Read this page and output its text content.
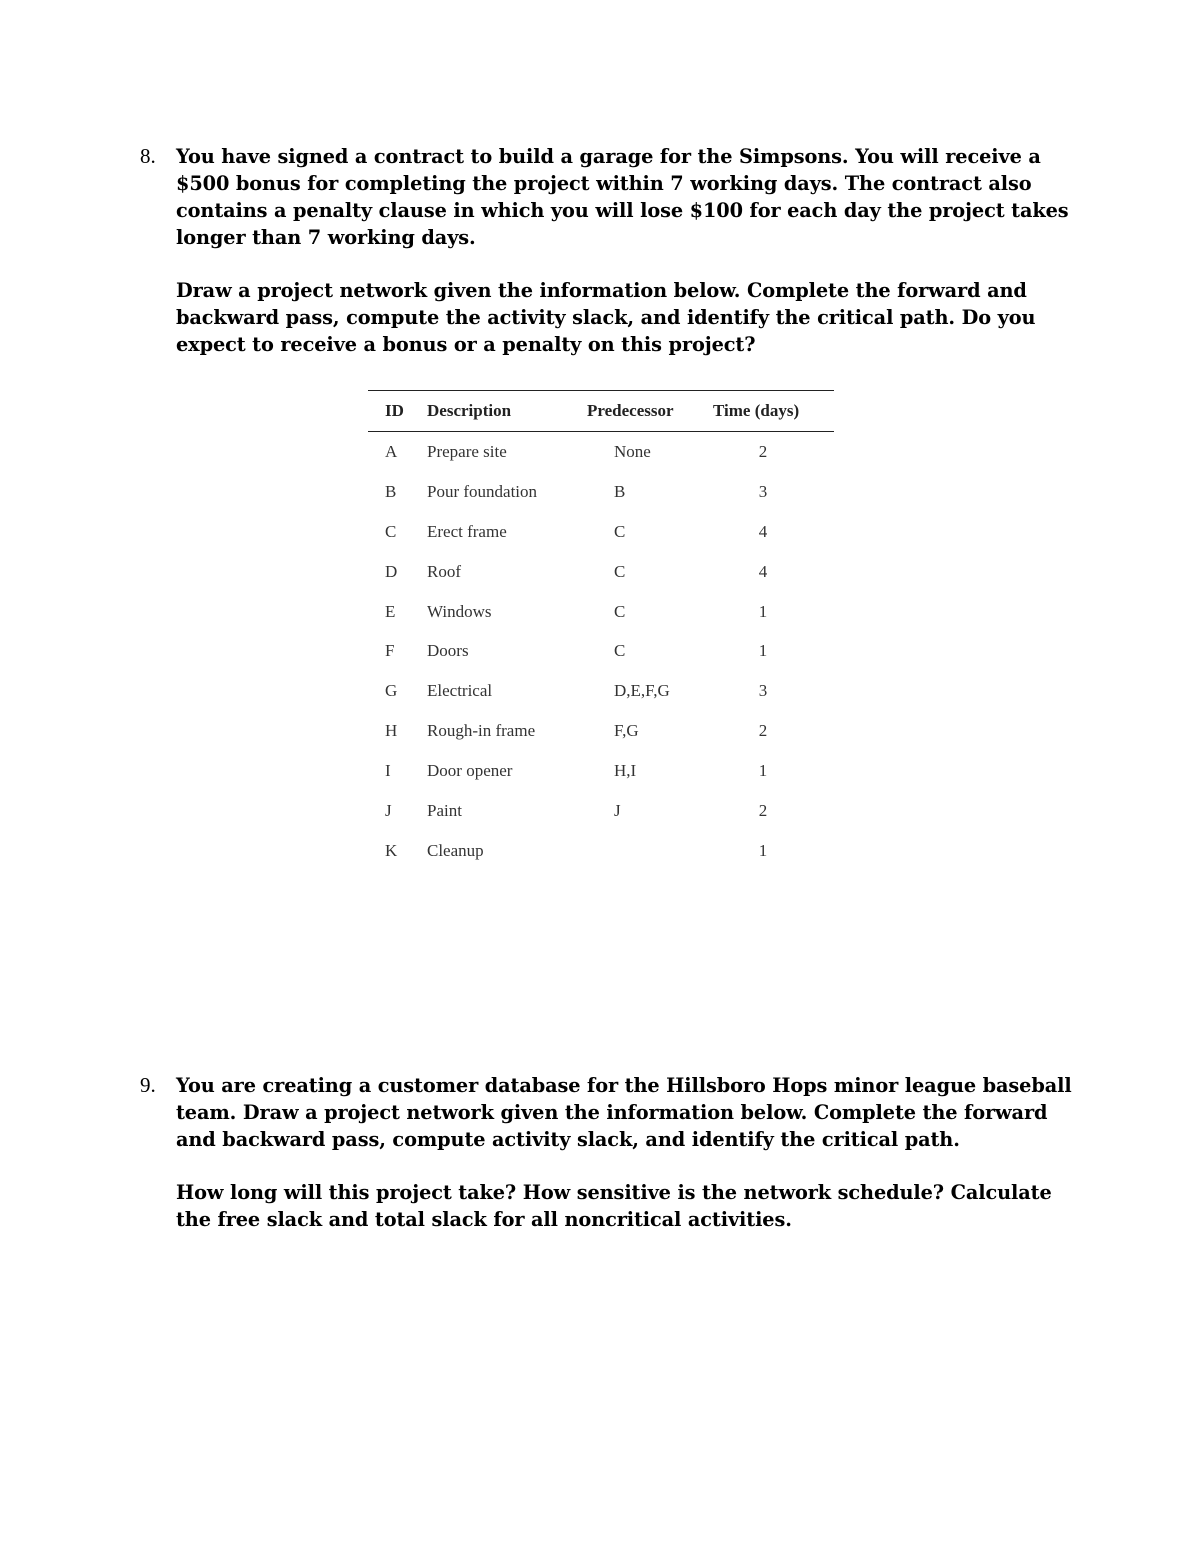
8. You have signed a contract to build a garage for the Simpsons. You will receive a $500 bonus for completing the project within 7 working days. The contract also contains a penalty clause in which you will lose $100 for each day the project takes longer than 7 working days.

Draw a project network given the information below. Complete the forward and backward pass, compute the activity slack, and identify the critical path. Do you expect to receive a bonus or a penalty on this project?

ID	Description	Predecessor	Time (days)
A	Prepare site	None	2
B	Pour foundation	B	3
C	Erect frame	C	4
D	Roof	C	4
E	Windows	C	1
F	Doors	C	1
G	Electrical	D,E,F,G	3
H	Rough-in frame	F,G	2
I	Door opener	H,I	1
J	Paint	J	2
K	Cleanup		1
9. You are creating a customer database for the Hillsboro Hops minor league baseball team. Draw a project network given the information below. Complete the forward and backward pass, compute activity slack, and identify the critical path.

How long will this project take? How sensitive is the network schedule? Calculate the free slack and total slack for all noncritical activities.
